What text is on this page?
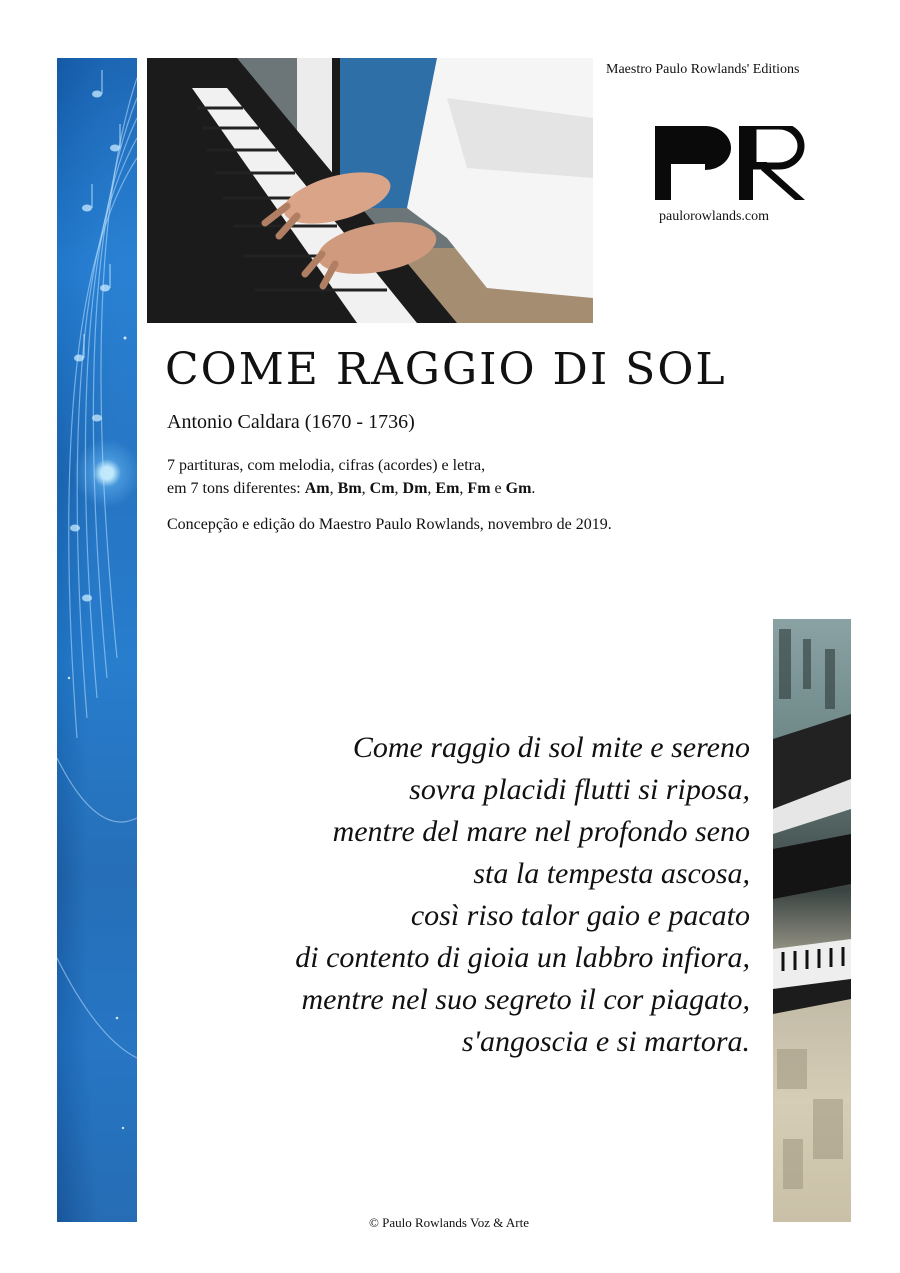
Maestro Paulo Rowlands' Editions
paulorowlands.com
COME RAGGIO DI SOL
Antonio Caldara (1670 - 1736)
7 partituras, com melodia, cifras (acordes) e letra,
em 7 tons diferentes: Am, Bm, Cm, Dm, Em, Fm e Gm.
Concepção e edição do Maestro Paulo Rowlands, novembro de 2019.
Come raggio di sol mite e sereno
sovra placidi flutti si riposa,
mentre del mare nel profondo seno
sta la tempesta ascosa,
così riso talor gaio e pacato
di contento di gioia un labbro infiora,
mentre nel suo segreto il cor piagato,
s'angoscia e si martora.
© Paulo Rowlands Voz & Arte
